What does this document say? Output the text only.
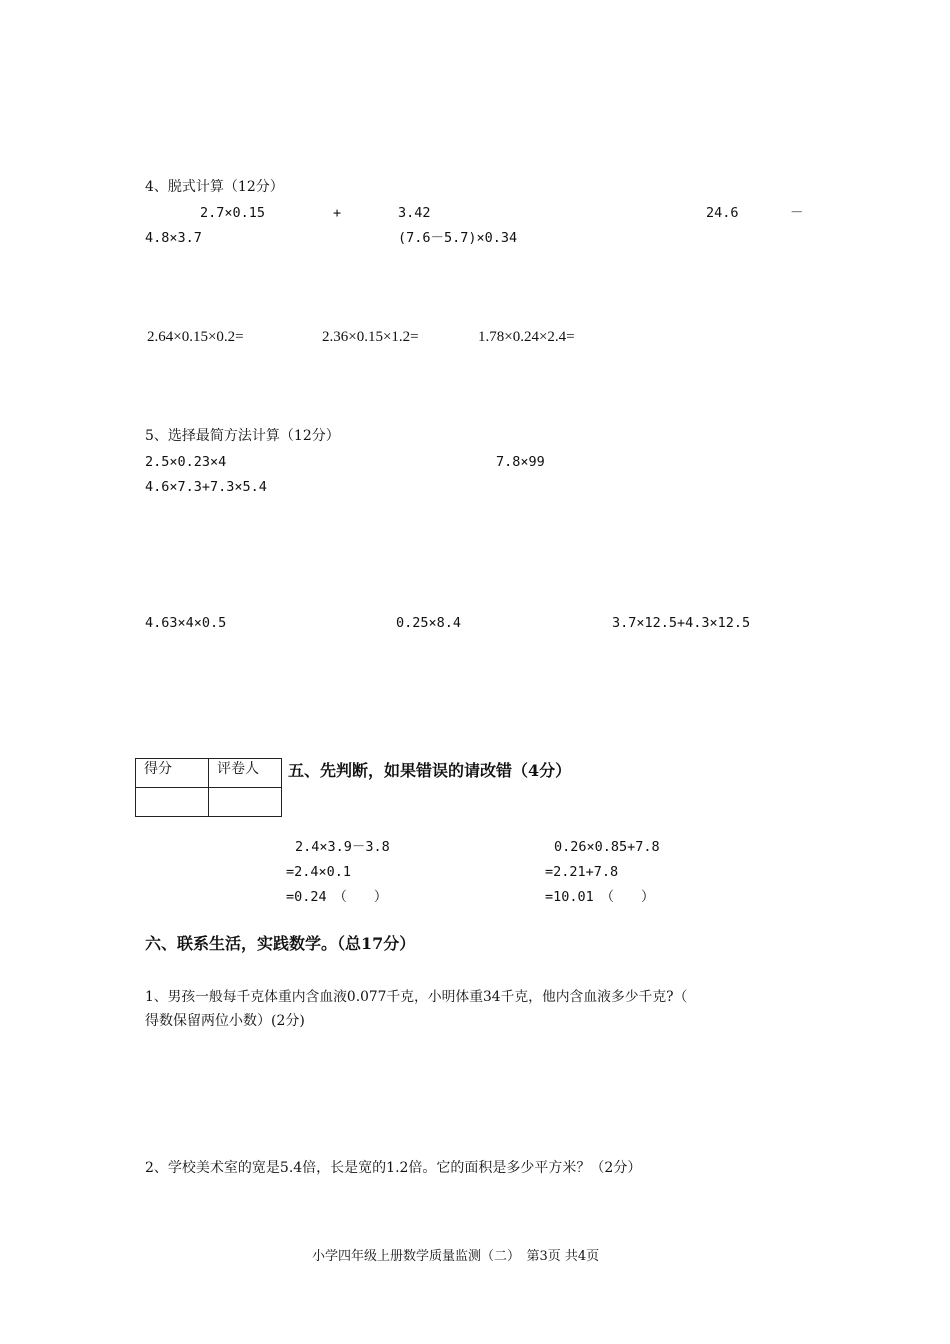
4、脱式计算（12分）
2.7×0.15	+	3.42	24.6	－
4.8×3.7	(7.6－5.7)×0.34
2.64×0.15×0.2=	2.36×0.15×1.2=	1.78×0.24×2.4=
5、选择最简方法计算（12分）
2.5×0.23×4	7.8×99
4.6×7.3+7.3×5.4
4.63×4×0.5	0.25×8.4	3.7×12.5+4.3×12.5
得分	评卷人
	五、先判断，如果错误的请改错（4分）
2.4×3.9－3.8
=2.4×0.1
=0.24　（　　）
0.26×0.85+7.8
=2.21+7.8
=10.01　（　　）
六、联系生活，实践数学。（总17分）
1、男孩一般每千克体重内含血液0.077千克，小明体重34千克，他内含血液多少千克?（
得数保留两位小数）(2分)
2、学校美术室的宽是5.4倍，长是宽的1.2倍。它的面积是多少平方米？（2分）
小学四年级上册数学质量监测（二）　第3页 共4页
